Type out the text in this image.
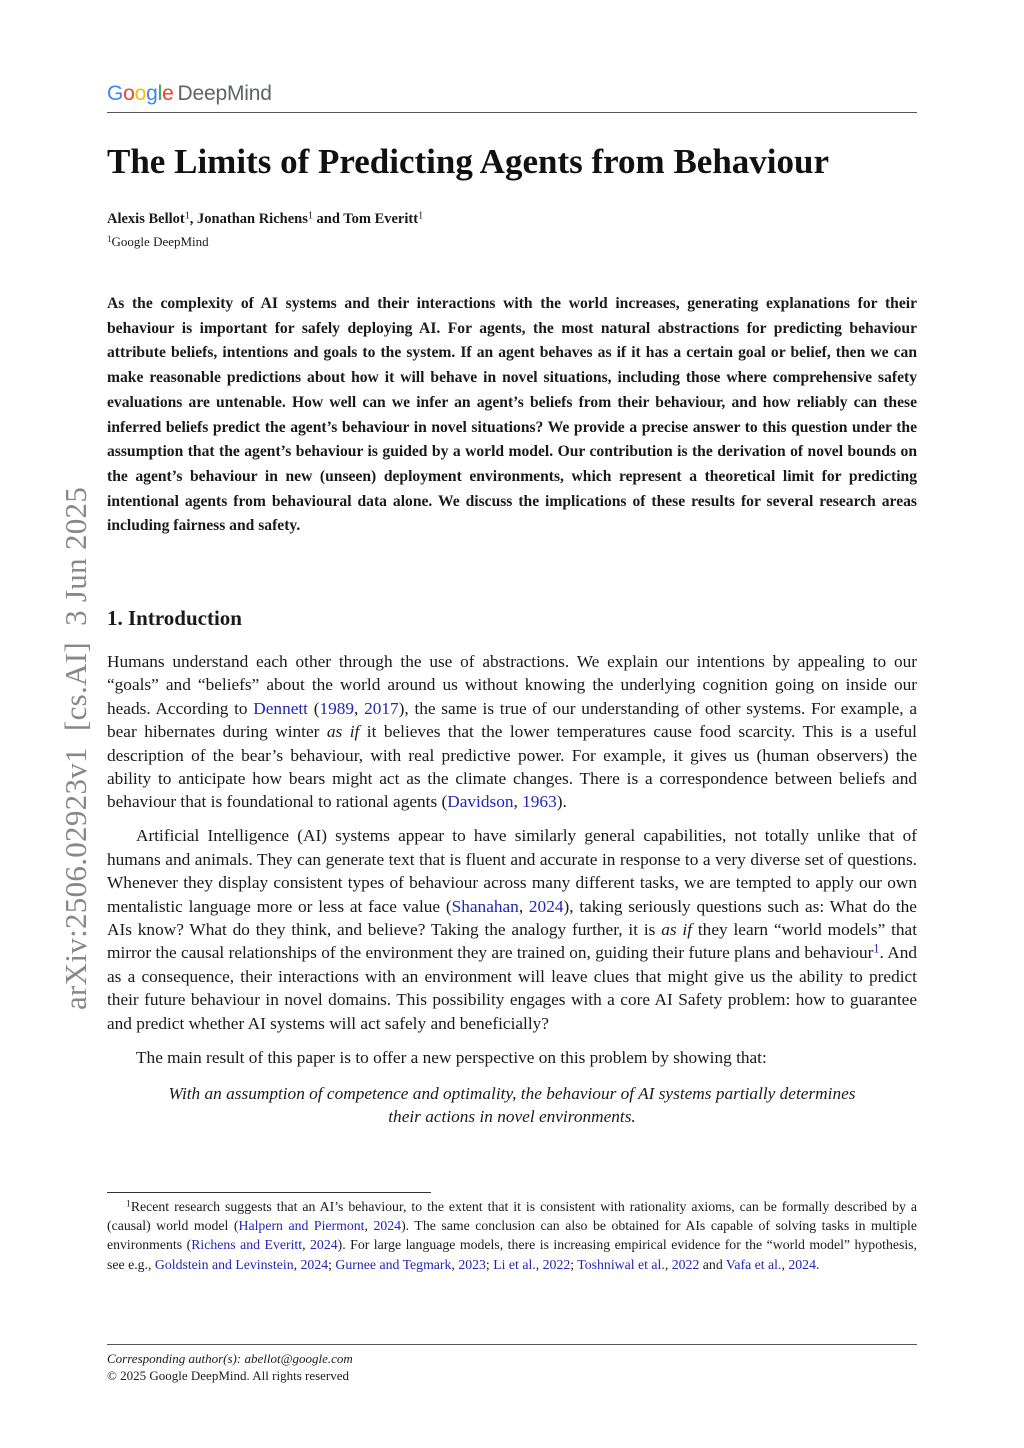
Google DeepMind
arXiv:2506.02923v1  [cs.AI]  3 Jun 2025
The Limits of Predicting Agents from Behaviour
Alexis Bellot$^1$, Jonathan Richens$^1$ and Tom Everitt$^1$
$^1$Google DeepMind

As the complexity of AI systems and their interactions with the world increases, generating explanations for their behaviour is important for safely deploying AI. For agents, the most natural abstractions for predicting behaviour attribute beliefs, intentions and goals to the system. If an agent behaves as if it has a certain goal or belief, then we can make reasonable predictions about how it will behave in novel situations, including those where comprehensive safety evaluations are untenable. How well can we infer an agent’s beliefs from their behaviour, and how reliably can these inferred beliefs predict the agent’s behaviour in novel situations? We provide a precise answer to this question under the assumption that the agent’s behaviour is guided by a world model. Our contribution is the derivation of novel bounds on the agent’s behaviour in new (unseen) deployment environments, which represent a theoretical limit for predicting intentional agents from behavioural data alone. We discuss the implications of these results for several research areas including fairness and safety.

1. Introduction

Humans understand each other through the use of abstractions. We explain our intentions by appealing to our “goals” and “beliefs” about the world around us without knowing the underlying cognition going on inside our heads. According to Dennett (1989, 2017), the same is true of our understanding of other systems. For example, a bear hibernates during winter as if it believes that the lower temperatures cause food scarcity. This is a useful description of the bear’s behaviour, with real predictive power. For example, it gives us (human observers) the ability to anticipate how bears might act as the climate changes. There is a correspondence between beliefs and behaviour that is foundational to rational agents (Davidson, 1963).

Artificial Intelligence (AI) systems appear to have similarly general capabilities, not totally unlike that of humans and animals. They can generate text that is fluent and accurate in response to a very diverse set of questions. Whenever they display consistent types of behaviour across many different tasks, we are tempted to apply our own mentalistic language more or less at face value (Shanahan, 2024), taking seriously questions such as: What do the AIs know? What do they think, and believe? Taking the analogy further, it is as if they learn “world models” that mirror the causal relationships of the environment they are trained on, guiding their future plans and behaviour$^1$. And as a consequence, their interactions with an environment will leave clues that might give us the ability to predict their future behaviour in novel domains. This possibility engages with a core AI Safety problem: how to guarantee and predict whether AI systems will act safely and beneficially?

The main result of this paper is to offer a new perspective on this problem by showing that:

With an assumption of competence and optimality, the behaviour of AI systems partially determines their actions in novel environments.

$^1$Recent research suggests that an AI’s behaviour, to the extent that it is consistent with rationality axioms, can be formally described by a (causal) world model (Halpern and Piermont, 2024). The same conclusion can also be obtained for AIs capable of solving tasks in multiple environments (Richens and Everitt, 2024). For large language models, there is increasing empirical evidence for the “world model” hypothesis, see e.g., Goldstein and Levinstein, 2024; Gurnee and Tegmark, 2023; Li et al., 2022; Toshniwal et al., 2022 and Vafa et al., 2024.

Corresponding author(s): abellot@google.com
© 2025 Google DeepMind. All rights reserved
